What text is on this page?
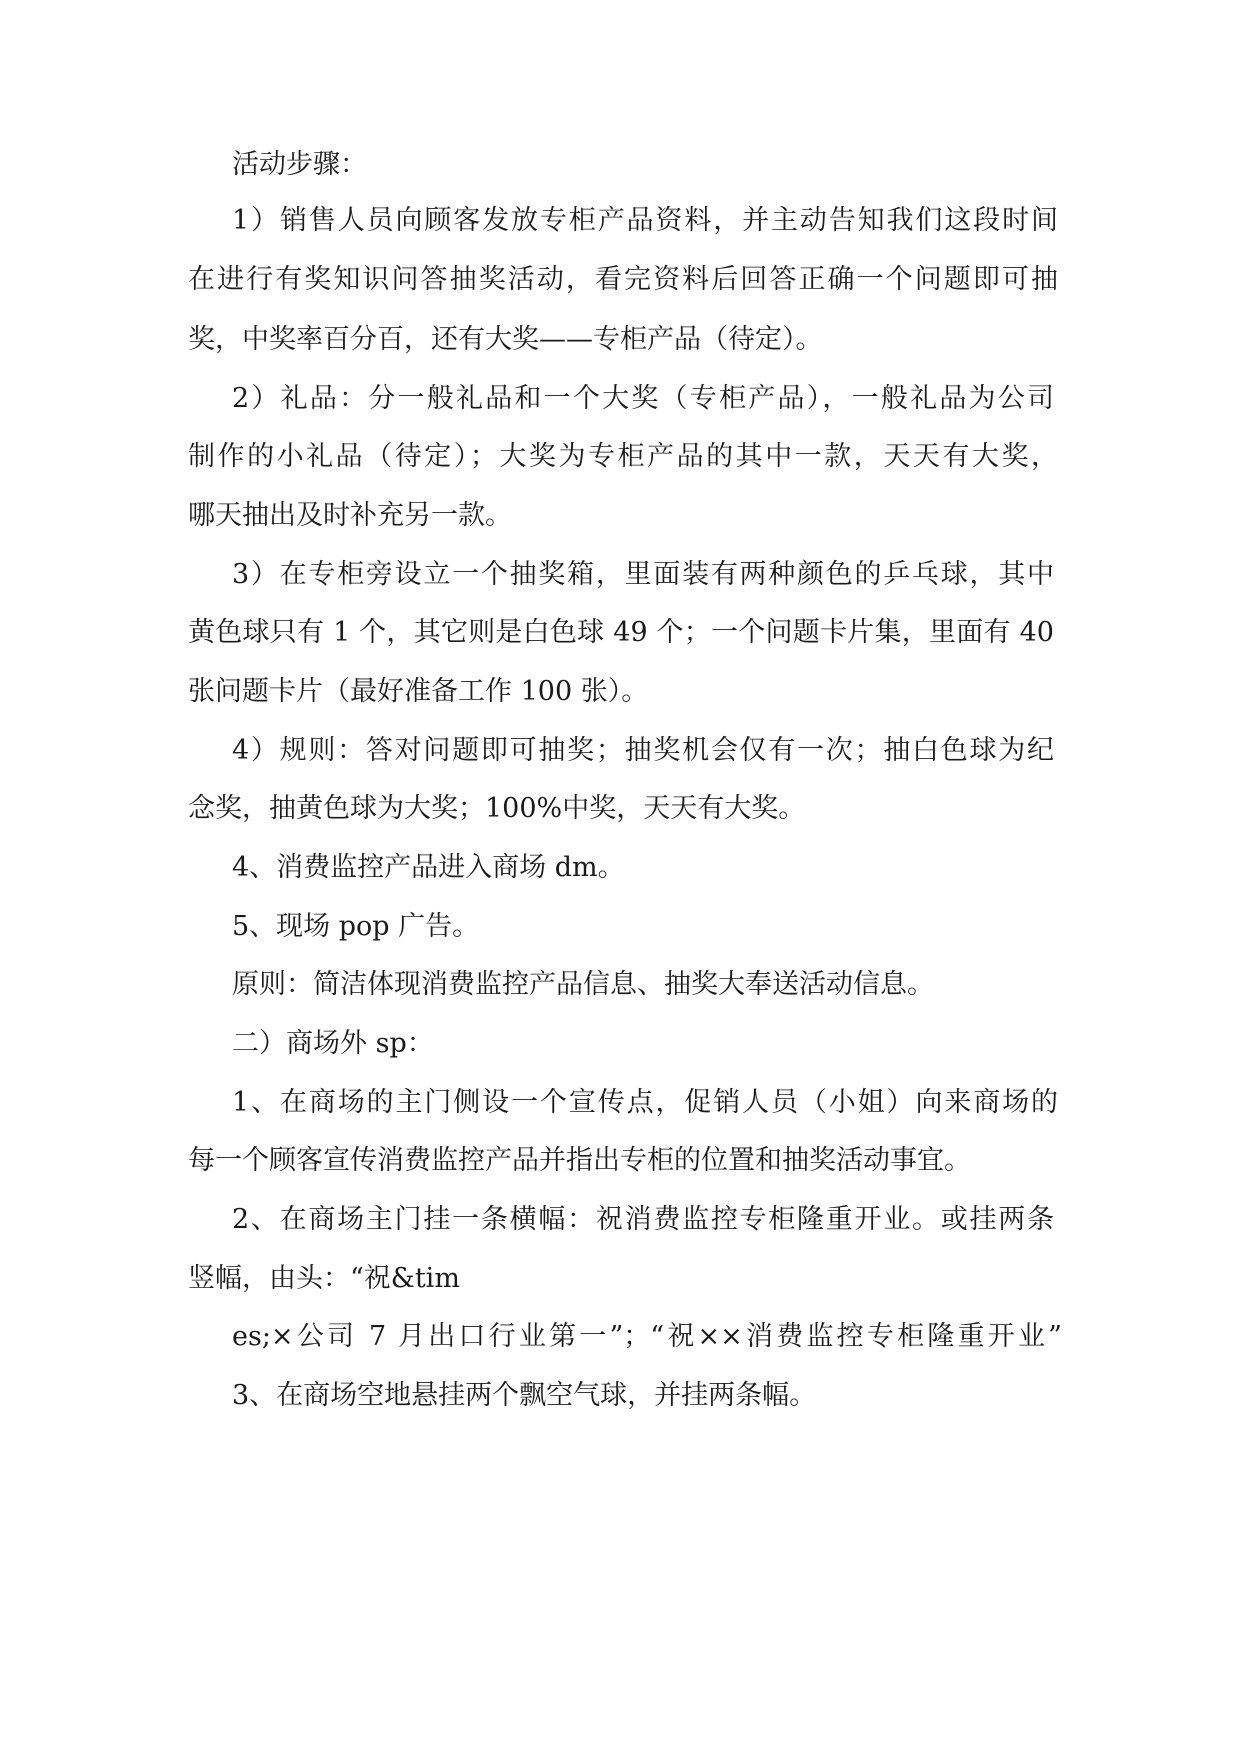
活动步骤：
1）销售人员向顾客发放专柜产品资料，并主动告知我们这段时间
在进行有奖知识问答抽奖活动，看完资料后回答正确一个问题即可抽
奖，中奖率百分百，还有大奖——专柜产品（待定）。
2）礼品：分一般礼品和一个大奖（专柜产品），一般礼品为公司
制作的小礼品（待定）；大奖为专柜产品的其中一款，天天有大奖，
哪天抽出及时补充另一款。
3）在专柜旁设立一个抽奖箱，里面装有两种颜色的乒乓球，其中
黄色球只有 1 个，其它则是白色球 49 个；一个问题卡片集，里面有 40
张问题卡片（最好准备工作 100 张）。
4）规则：答对问题即可抽奖；抽奖机会仅有一次；抽白色球为纪
念奖，抽黄色球为大奖；100%中奖，天天有大奖。
4、消费监控产品进入商场 dm。
5、现场 pop 广告。
原则：简洁体现消费监控产品信息、抽奖大奉送活动信息。
二）商场外 sp：
1、在商场的主门侧设一个宣传点，促销人员（小姐）向来商场的
每一个顾客宣传消费监控产品并指出专柜的位置和抽奖活动事宜。
2、在商场主门挂一条横幅：祝消费监控专柜隆重开业。或挂两条
竖幅，由头：“祝&tim
es;×公司 7 月出口行业第一”；“祝××消费监控专柜隆重开业”
3、在商场空地悬挂两个飘空气球，并挂两条幅。
